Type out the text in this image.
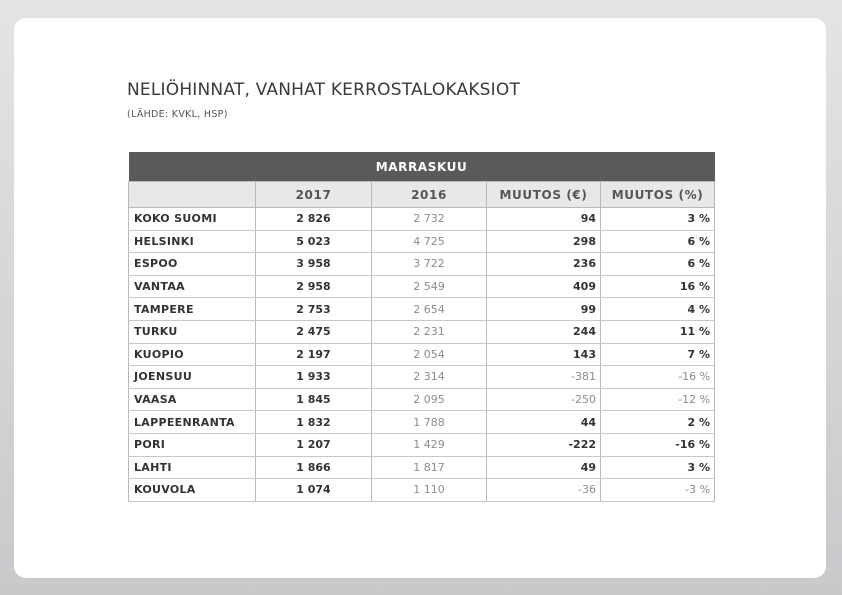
NELIÖHINNAT, VANHAT KERROSTALOKAKSIOT
(LÄHDE: KVKL, HSP)
MARRASKUU				
	2017	2016	MUUTOS (€)	MUUTOS (%)
KOKO SUOMI	2 826	2 732	94	3 %
HELSINKI	5 023	4 725	298	6 %
ESPOO	3 958	3 722	236	6 %
VANTAA	2 958	2 549	409	16 %
TAMPERE	2 753	2 654	99	4 %
TURKU	2 475	2 231	244	11 %
KUOPIO	2 197	2 054	143	7 %
JOENSUU	1 933	2 314	-381	-16 %
VAASA	1 845	2 095	-250	-12 %
LAPPEENRANTA	1 832	1 788	44	2 %
PORI	1 207	1 429	-222	-16 %
LAHTI	1 866	1 817	49	3 %
KOUVOLA	1 074	1 110	-36	-3 %
